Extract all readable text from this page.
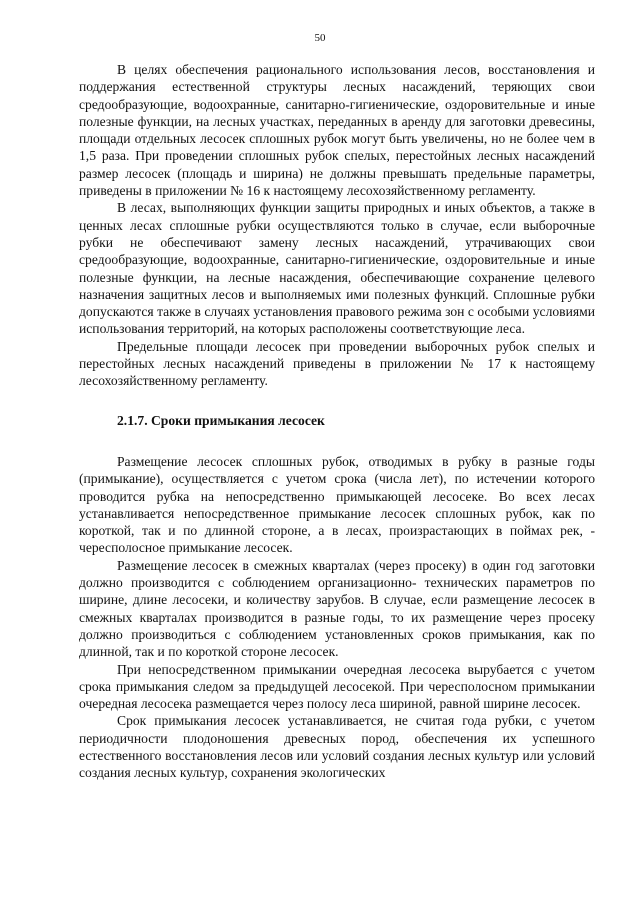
50

В целях обеспечения рационального использования лесов, восстановления и поддержания естественной структуры лесных насаждений, теряющих свои средообразующие, водоохранные, санитарно-гигиенические, оздоровительные и иные полезные функции, на лесных участках, переданных в аренду для заготовки древесины, площади отдельных лесосек сплошных рубок могут быть увеличены, но не более чем в 1,5 раза. При проведении сплошных рубок спелых, перестойных лесных насаждений размер лесосек (площадь и ширина) не должны превышать предельные параметры, приведены в приложении № 16 к настоящему лесохозяйственному регламенту.

В лесах, выполняющих функции защиты природных и иных объектов, а также в ценных лесах сплошные рубки осуществляются только в случае, если выборочные рубки не обеспечивают замену лесных насаждений, утрачивающих свои средообразующие, водоохранные, санитарно-гигиенические, оздоровительные и иные полезные функции, на лесные насаждения, обеспечивающие сохранение целевого назначения защитных лесов и выполняемых ими полезных функций. Сплошные рубки допускаются также в случаях установления правового режима зон с особыми условиями использования территорий, на которых расположены соответствующие леса.

Предельные площади лесосек при проведении выборочных рубок спелых и перестойных лесных насаждений приведены в приложении № 17 к настоящему лесохозяйственному регламенту.

2.1.7. Сроки примыкания лесосек

Размещение лесосек сплошных рубок, отводимых в рубку в разные годы (примыкание), осуществляется с учетом срока (числа лет), по истечении которого проводится рубка на непосредственно примыкающей лесосеке. Во всех лесах устанавливается непосредственное примыкание лесосек сплошных рубок, как по короткой, так и по длинной стороне, а в лесах, произрастающих в поймах рек, - чересполосное примыкание лесосек.

Размещение лесосек в смежных кварталах (через просеку) в один год заготовки должно производится с соблюдением организационно- технических параметров по ширине, длине лесосеки, и количеству зарубов. В случае, если размещение лесосек в смежных кварталах производится в разные годы, то их размещение через просеку должно производиться с соблюдением установленных сроков примыкания, как по длинной, так и по короткой стороне лесосек.

При непосредственном примыкании очередная лесосека вырубается с учетом срока примыкания следом за предыдущей лесосекой. При чересполосном примыкании очередная лесосека размещается через полосу леса шириной, равной ширине лесосек.

Срок примыкания лесосек устанавливается, не считая года рубки, с учетом периодичности плодоношения древесных пород, обеспечения их успешного естественного восстановления лесов или условий создания лесных культур или условий создания лесных культур, сохранения экологических
